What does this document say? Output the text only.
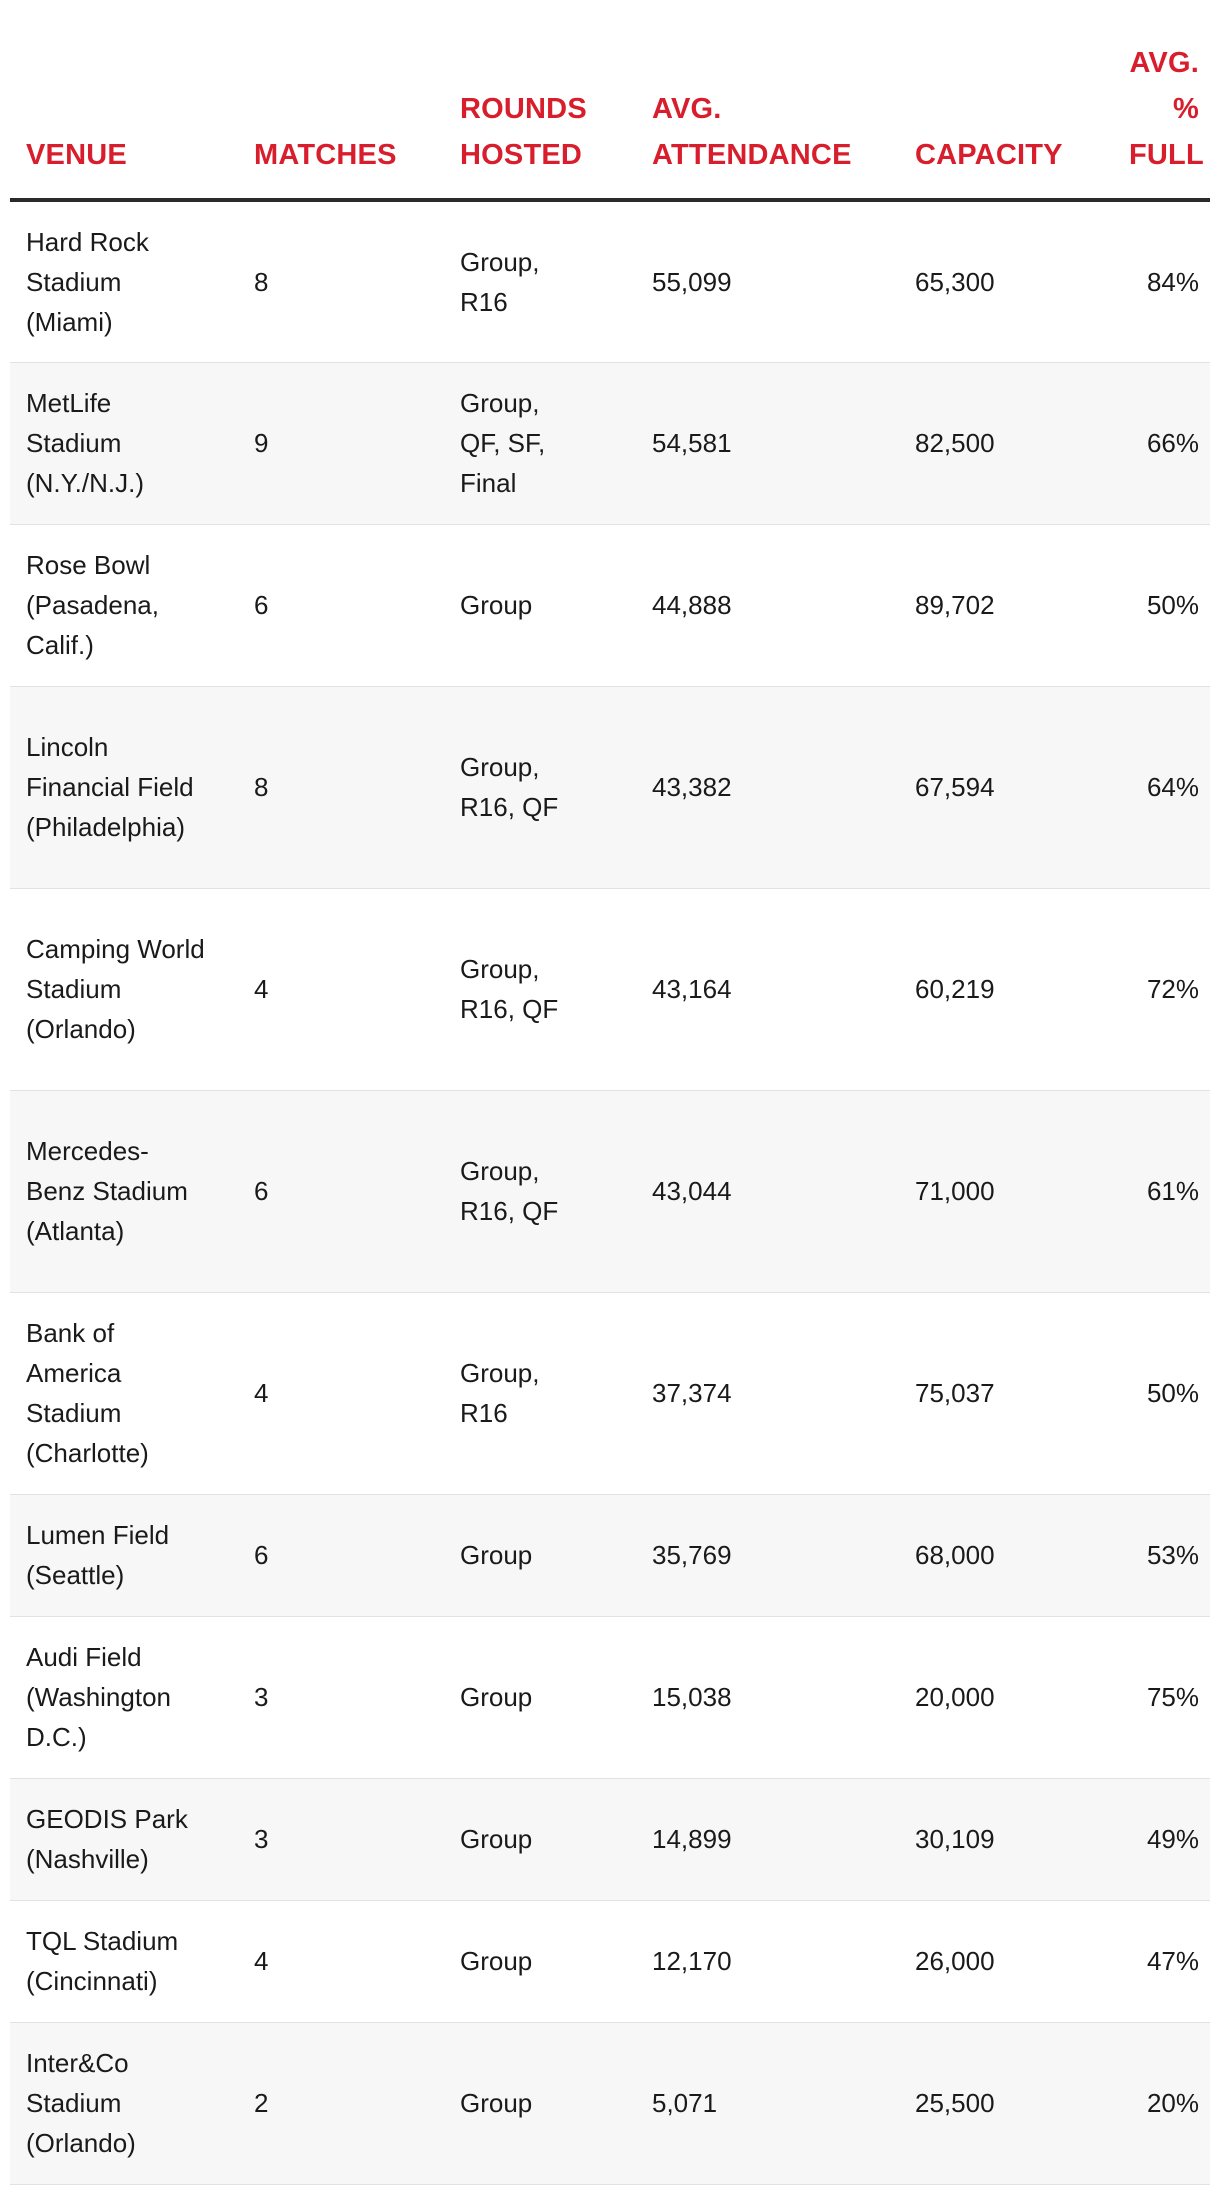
VENUE	MATCHES	ROUNDS HOSTED	AVG. ATTENDANCE	CAPACITY	AVG. % FULL
Hard Rock Stadium (Miami)	8	Group, R16	55,099	65,300	84%
MetLife Stadium (N.Y./N.J.)	9	Group, QF, SF, Final	54,581	82,500	66%
Rose Bowl (Pasadena, Calif.)	6	Group	44,888	89,702	50%
Lincoln Financial Field (Philadelphia)	8	Group, R16, QF	43,382	67,594	64%
Camping World Stadium (Orlando)	4	Group, R16, QF	43,164	60,219	72%
Mercedes-Benz Stadium (Atlanta)	6	Group, R16, QF	43,044	71,000	61%
Bank of America Stadium (Charlotte)	4	Group, R16	37,374	75,037	50%
Lumen Field (Seattle)	6	Group	35,769	68,000	53%
Audi Field (Washington D.C.)	3	Group	15,038	20,000	75%
GEODIS Park (Nashville)	3	Group	14,899	30,109	49%
TQL Stadium (Cincinnati)	4	Group	12,170	26,000	47%
Inter&Co Stadium (Orlando)	2	Group	5,071	25,500	20%
